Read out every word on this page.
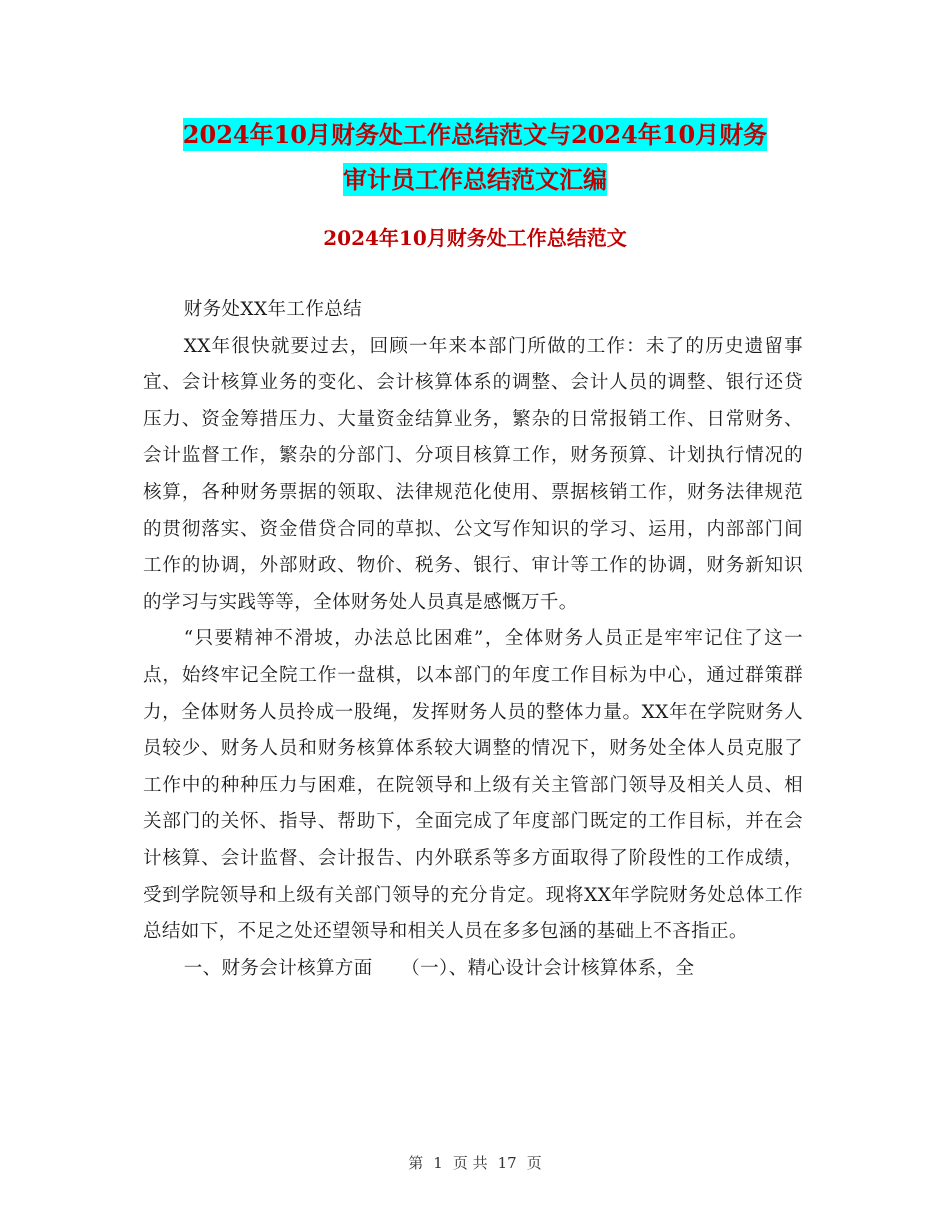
2024年10月财务处工作总结范文与2024年10月财务
审计员工作总结范文汇编
2024年10月财务处工作总结范文

财务处XX年工作总结

XX年很快就要过去，回顾一年来本部门所做的工作：未了的历史遗留事宜、会计核算业务的变化、会计核算体系的调整、会计人员的调整、银行还贷压力、资金筹措压力、大量资金结算业务，繁杂的日常报销工作、日常财务、会计监督工作，繁杂的分部门、分项目核算工作，财务预算、计划执行情况的核算，各种财务票据的领取、法律规范化使用、票据核销工作，财务法律规范的贯彻落实、资金借贷合同的草拟、公文写作知识的学习、运用，内部部门间工作的协调，外部财政、物价、税务、银行、审计等工作的协调，财务新知识的学习与实践等等，全体财务处人员真是感慨万千。

“只要精神不滑坡，办法总比困难”，全体财务人员正是牢牢记住了这一点，始终牢记全院工作一盘棋，以本部门的年度工作目标为中心，通过群策群力，全体财务人员拎成一股绳，发挥财务人员的整体力量。XX年在学院财务人员较少、财务人员和财务核算体系较大调整的情况下，财务处全体人员克服了工作中的种种压力与困难，在院领导和上级有关主管部门领导及相关人员、相关部门的关怀、指导、帮助下，全面完成了年度部门既定的工作目标，并在会计核算、会计监督、会计报告、内外联系等多方面取得了阶段性的工作成绩，受到学院领导和上级有关部门领导的充分肯定。现将XX年学院财务处总体工作总结如下，不足之处还望领导和相关人员在多多包涵的基础上不吝指正。

一、财务会计核算方面　　（一）、精心设计会计核算体系，全

第 1 页 共 17 页
